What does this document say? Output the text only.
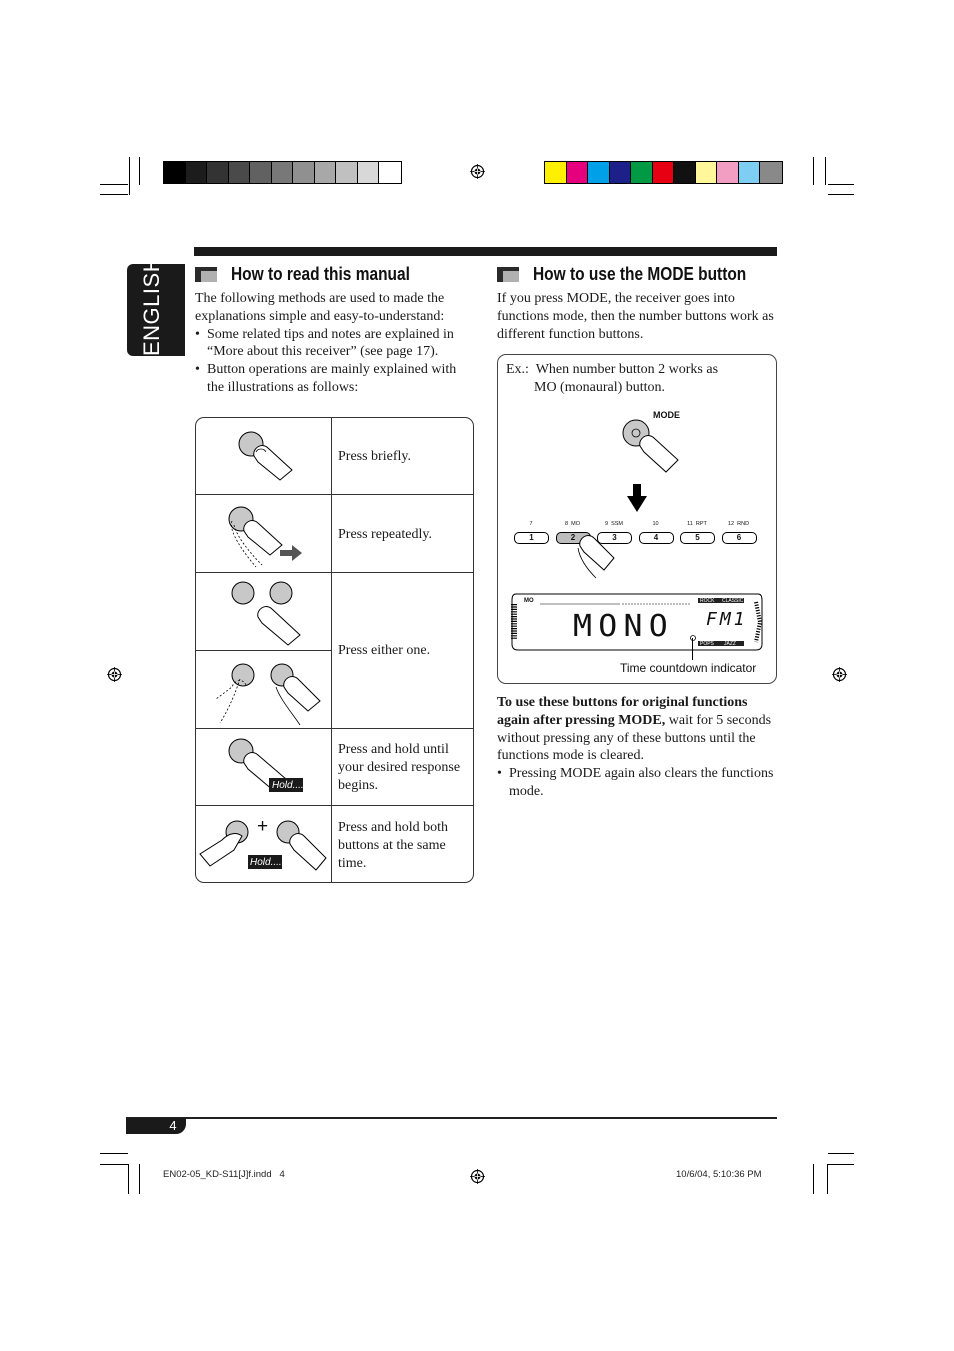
ENGLISH	How to read this manual
The following methods are used to made the explanations simple and easy-to-understand:
• Some related tips and notes are explained in “More about this receiver” (see page 17).
• Button operations are mainly explained with the illustrations as follows:
Press briefly.
Press repeatedly.
Press either one.
Hold....
Press and hold until your desired response begins.
+
Hold....
Press and hold both buttons at the same time.
How to use the MODE button
If you press MODE, the receiver goes into functions mode, then the number buttons work as different function buttons.
Ex.:  When number button 2 works as
MO (monaural) button.
MODE
7
1
8  MO
2
9  SSM
3
10
4
11  RPT
5
12  RND
6
MO
MONO FM1
ROCK CLASSIC
POPS JAZZ
Time countdown indicator
To use these buttons for original functions again after pressing MODE, wait for 5 seconds without pressing any of these buttons until the functions mode is cleared.
• Pressing MODE again also clears the functions mode.
4
EN02-05_KD-S11[J]f.indd   4	10/6/04, 5:10:36 PM
